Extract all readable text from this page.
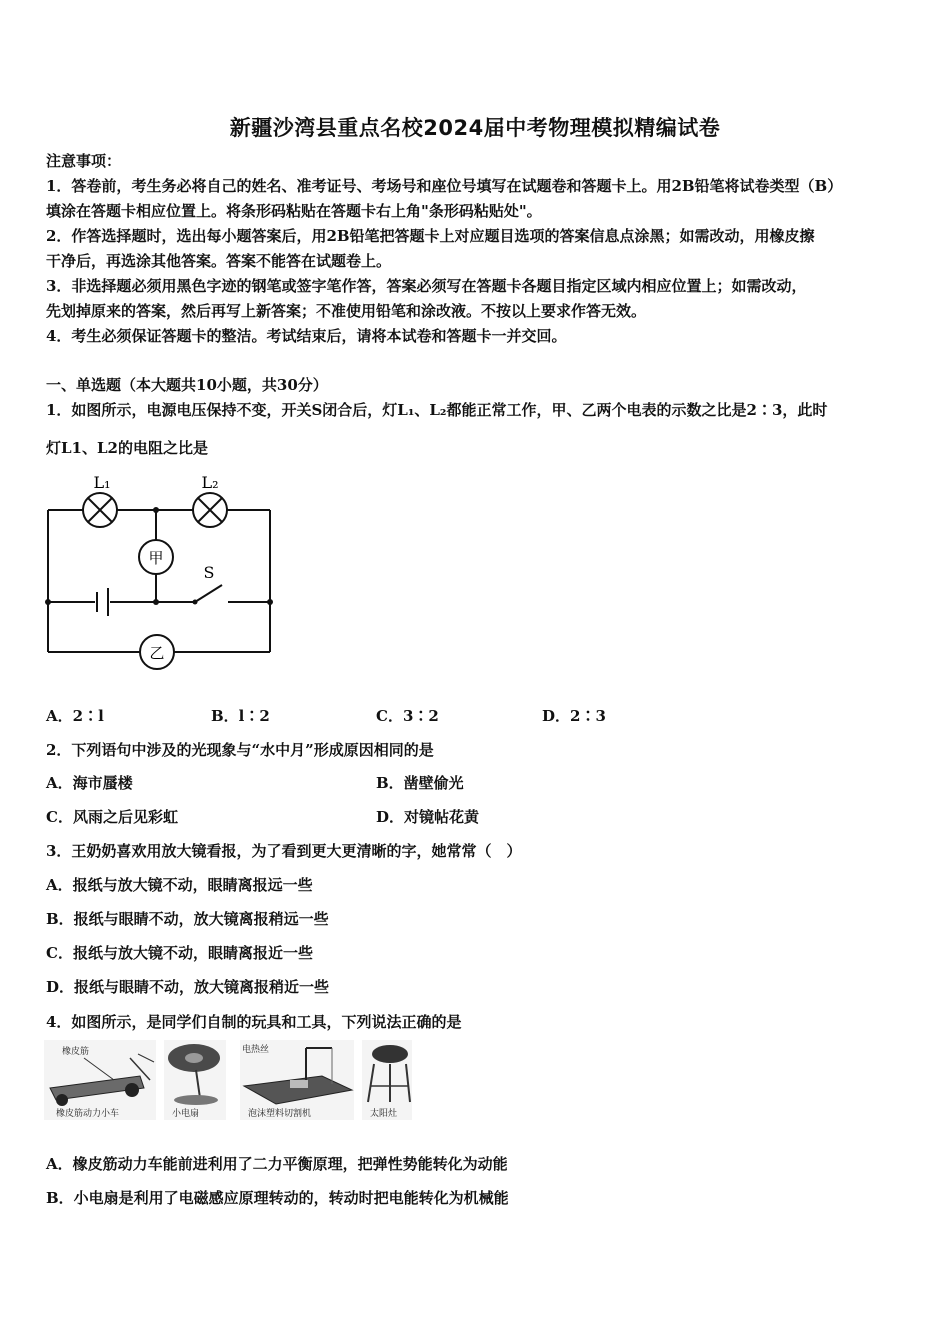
新疆沙湾县重点名校2024届中考物理模拟精编试卷
注意事项：
1．答卷前，考生务必将自己的姓名、准考证号、考场号和座位号填写在试题卷和答题卡上。用2B铅笔将试卷类型（B）
填涂在答题卡相应位置上。将条形码粘贴在答题卡右上角"条形码粘贴处"。
2．作答选择题时，选出每小题答案后，用2B铅笔把答题卡上对应题目选项的答案信息点涂黑；如需改动，用橡皮擦
干净后，再选涂其他答案。答案不能答在试题卷上。
3．非选择题必须用黑色字迹的钢笔或签字笔作答，答案必须写在答题卡各题目指定区域内相应位置上；如需改动，
先划掉原来的答案，然后再写上新答案；不准使用铅笔和涂改液。不按以上要求作答无效。
4．考生必须保证答题卡的整洁。考试结束后，请将本试卷和答题卡一并交回。
一、单选题（本大题共10小题，共30分）
1．如图所示，电源电压保持不变，开关S闭合后，灯L₁、L₂都能正常工作，甲、乙两个电表的示数之比是2∶3，此时
灯L1、L2的电阻之比是
甲
乙
L₁	L₂
S
A．2∶l	B．l∶2	C．3∶2	D．2∶3
2．下列语句中涉及的光现象与“水中月”形成原因相同的是
A．海市蜃楼	B．凿壁偷光
C．风雨之后见彩虹	D．对镜帖花黄
3．王奶奶喜欢用放大镜看报，为了看到更大更清晰的字，她常常（　）
A．报纸与放大镜不动，眼睛离报远一些
B．报纸与眼睛不动，放大镜离报稍远一些
C．报纸与放大镜不动，眼睛离报近一些
D．报纸与眼睛不动，放大镜离报稍近一些
4．如图所示，是同学们自制的玩具和工具，下列说法正确的是
橡皮筋
橡皮筋动力小车	小电扇
电热丝
泡沫塑料切割机	太阳灶
A．橡皮筋动力车能前进利用了二力平衡原理，把弹性势能转化为动能
B．小电扇是利用了电磁感应原理转动的，转动时把电能转化为机械能
